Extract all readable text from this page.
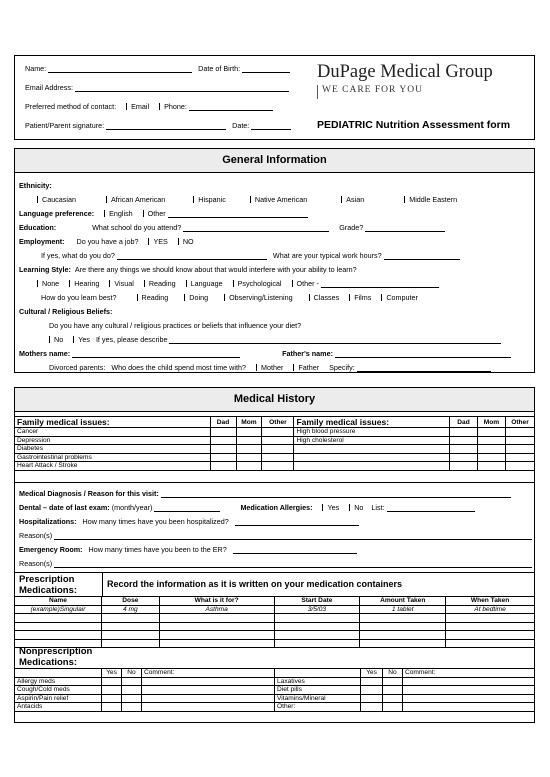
Name:	Date of Birth:
Email Address:
Preferred method of contact: Email Phone:
Patient/Parent signature:	Date:
DuPage Medical Group
WE CARE FOR YOU
PEDIATRIC Nutrition Assessment form
General Information
Ethnicity:
Caucasian	African American	Hispanic	Native American	Asian	Middle Eastern
Language preference: English Other
Education:	What school do you attend?	Grade?
Employment: Do you have a job? YES NO
If yes, what do you do?	What are your typical work hours?
Learning Style: Are there any things we should know about that would interfere with your ability to learn?
None Hearing Visual Reading Language Psychological Other -
How do you learn best?	Reading	Doing	Observing/Listening	Classes Films Computer
Cultural / Religious Beliefs:
Do you have any cultural / religious practices or beliefs that influence your diet?
No Yes If yes, please describe
Mothers name:	Father's name:
Divorced parents: Who does the child spend most time with? Mother Father Specify:
Medical History
Family medical issues:	Dad	Mom	Other	Family medical issues:	Dad	Mom	Other
Cancer				High blood pressure			
Depression				High cholesterol			
Diabetes							
Gastrointestinal problems							
Heart Attack / Stroke							
Medical Diagnosis / Reason for this visit:
Dental – date of last exam: (month/year)	Medication Allergies: Yes No List:
Hospitalizations: How many times have you been hospitalized?
Reason(s)
Emergency Room: How many times have you been to the ER?
Reason(s)
Prescription Medications:
Record the information as it is written on your medication containers
Name	Dose	What is it for?	Start Date	Amount Taken	When Taken
(example)Singulair	4 mg	Asthma	3/5/03	1 tablet	At bedtime

Nonprescription Medications:
	Yes	No	Comment:		Yes	No	Comment:
Allergy meds				Laxatives			
Cough/Cold meds				Diet pills			
Aspirin/Pain relief				Vitamins/Mineral			
Antacids				Other:			
